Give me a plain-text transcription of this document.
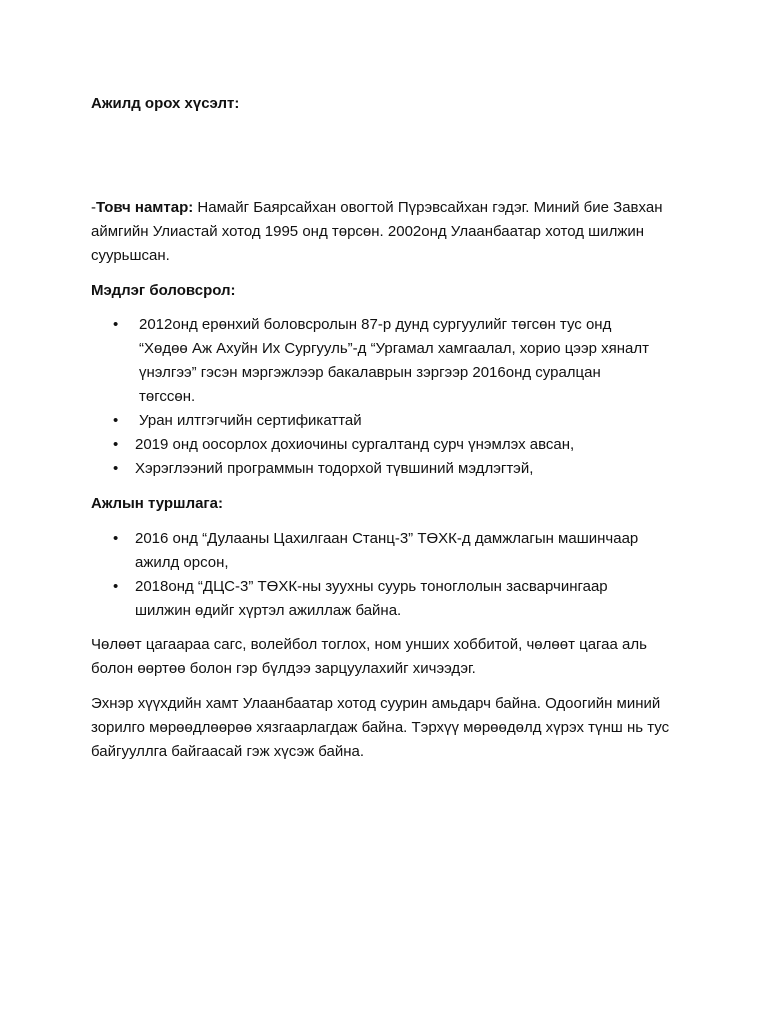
Ажилд орох хүсэлт:

-Товч намтар: Намайг Баярсайхан овогтой Пүрэвсайхан гэдэг. Миний бие Завхан аймгийн Улиастай хотод 1995 онд төрсөн. 2002онд Улаанбаатар хотод шилжин суурьшсан.

Мэдлэг боловсрол:

• 2012онд ерөнхий боловсролын 87-р дунд сургуулийг төгсөн тус онд “Хөдөө Аж Ахуйн Их Сургууль”-д “Ургамал хамгаалал, хорио цээр хяналт үнэлгээ” гэсэн мэргэжлээр бакалаврын зэргээр 2016онд суралцан төгссөн.
• Уран илтгэгчийн сертификаттай
• 2019 онд оосорлох дохиочины сургалтанд сурч үнэмлэх авсан,
• Хэрэглээний программын тодорхой түвшиний мэдлэгтэй,

Ажлын туршлага:

• 2016 онд “Дулааны Цахилгаан Станц-3” ТӨХК-д дамжлагын машинчаар ажилд орсон,
• 2018онд “ДЦС-3” ТӨХК-ны зуухны суурь тоноглолын засварчингаар шилжин өдийг хүртэл ажиллаж байна.

Чөлөөт цагаараа сагс, волейбол тоглох, ном унших хоббитой, чөлөөт цагаа аль болон өөртөө болон гэр бүлдээ зарцуулахийг хичээдэг.

Эхнэр хүүхдийн хамт Улаанбаатар хотод суурин амьдарч байна. Одоогийн миний зорилго мөрөөдлөөрөө хязгаарлагдаж байна. Тэрхүү мөрөөдөлд хүрэх түнш нь тус байгууллга байгаасай гэж хүсэж байна.
